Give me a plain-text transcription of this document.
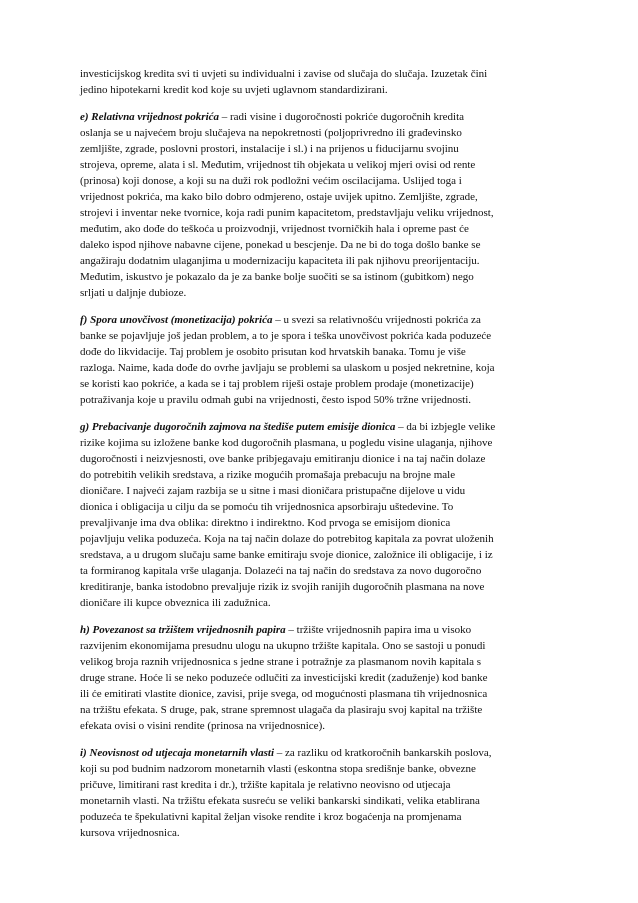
investicijskog kredita svi ti uvjeti su individualni i zavise od slučaja do slučaja. Izuzetak čini
jedino hipotekarni kredit kod koje su uvjeti uglavnom standardizirani.

e) Relativna vrijednost pokrića – radi visine i dugoročnosti pokriće dugoročnih kredita
oslanja se u najvećem broju slučajeva na nepokretnosti (poljoprivredno ili građevinsko
zemljište, zgrade, poslovni prostori, instalacije i sl.) i na prijenos u fiducijarnu svojinu
strojeva, opreme, alata i sl. Međutim, vrijednost tih objekata u velikoj mjeri ovisi od rente
(prinosa) koji donose, a koji su na duži rok podložni većim oscilacijama. Uslijed toga i
vrijednost pokrića, ma kako bilo dobro odmjereno, ostaje uvijek upitno. Zemljište, zgrade,
strojevi i inventar neke tvornice, koja radi punim kapacitetom, predstavljaju veliku vrijednost,
međutim, ako dođe do teškoća u proizvodnji, vrijednost tvorničkih hala i opreme past će
daleko ispod njihove nabavne cijene, ponekad u bescjenje. Da ne bi do toga došlo banke se
angažiraju dodatnim ulaganjima u modernizaciju kapaciteta ili pak njihovu preorijentaciju.
Međutim, iskustvo je pokazalo da je za banke bolje suočiti se sa istinom (gubitkom) nego
srljati u daljnje dubioze.

f) Spora unovčivost (monetizacija) pokrića – u svezi sa relativnošću vrijednosti pokrića za
banke se pojavljuje još jedan problem, a to je spora i teška unovčivost pokrića kada poduzeće
dođe do likvidacije. Taj problem je osobito prisutan kod hrvatskih banaka. Tomu je više
razloga. Naime, kada dođe do ovrhe javljaju se problemi sa ulaskom u posjed nekretnine, koja
se koristi kao pokriće, a kada se i taj problem riješi ostaje problem prodaje (monetizacije)
potraživanja koje u pravilu odmah gubi na vrijednosti, često ispod 50% tržne vrijednosti.

g) Prebacivanje dugoročnih zajmova na štediše putem emisije dionica – da bi izbjegle velike
rizike kojima su izložene banke kod dugoročnih plasmana, u pogledu visine ulaganja, njihove
dugoročnosti i neizvjesnosti, ove banke pribjegavaju emitiranju dionice i na taj način dolaze
do potrebitih velikih sredstava, a rizike mogućih promašaja prebacuju na brojne male
dioničare. I najveći zajam razbija se u sitne i masi dioničara pristupačne dijelove u vidu
dionica i obligacija u cilju da se pomoću tih vrijednosnica apsorbiraju uštedevine. To
prevaljivanje ima dva oblika: direktno i indirektno. Kod prvoga se emisijom dionica
pojavljuju velika poduzeća. Koja na taj način dolaze do potrebitog kapitala za povrat uloženih
sredstava, a u drugom slučaju same banke emitiraju svoje dionice, založnice ili obligacije, i iz
ta formiranog kapitala vrše ulaganja. Dolazeći na taj način do sredstava za novo dugoročno
kreditiranje, banka istodobno prevaljuje rizik iz svojih ranijih dugoročnih plasmana na nove
dioničare ili kupce obveznica ili zadužnica.

h) Povezanost sa tržištem vrijednosnih papira – tržište vrijednosnih papira ima u visoko
razvijenim ekonomijama presudnu ulogu na ukupno tržište kapitala. Ono se sastoji u ponudi
velikog broja raznih vrijednosnica s jedne strane i potražnje za plasmanom novih kapitala s
druge strane. Hoće li se neko poduzeće odlučiti za investicijski kredit (zaduženje) kod banke
ili će emitirati vlastite dionice, zavisi, prije svega, od mogućnosti plasmana tih vrijednosnica
na tržištu efekata. S druge, pak, strane spremnost ulagača da plasiraju svoj kapital na tržište
efekata ovisi o visini rendite (prinosa na vrijednosnice).

i) Neovisnost od utjecaja monetarnih vlasti – za razliku od kratkoročnih bankarskih poslova,
koji su pod budnim nadzorom monetarnih vlasti (eskontna stopa središnje banke, obvezne
pričuve, limitirani rast kredita i dr.), tržište kapitala je relativno neovisno od utjecaja
monetarnih vlasti. Na tržištu efekata susreću se veliki bankarski sindikati, velika etablirana
poduzeća te špekulativni kapital željan visoke rendite i kroz bogaćenja na promjenama
kursova vrijednosnica.
